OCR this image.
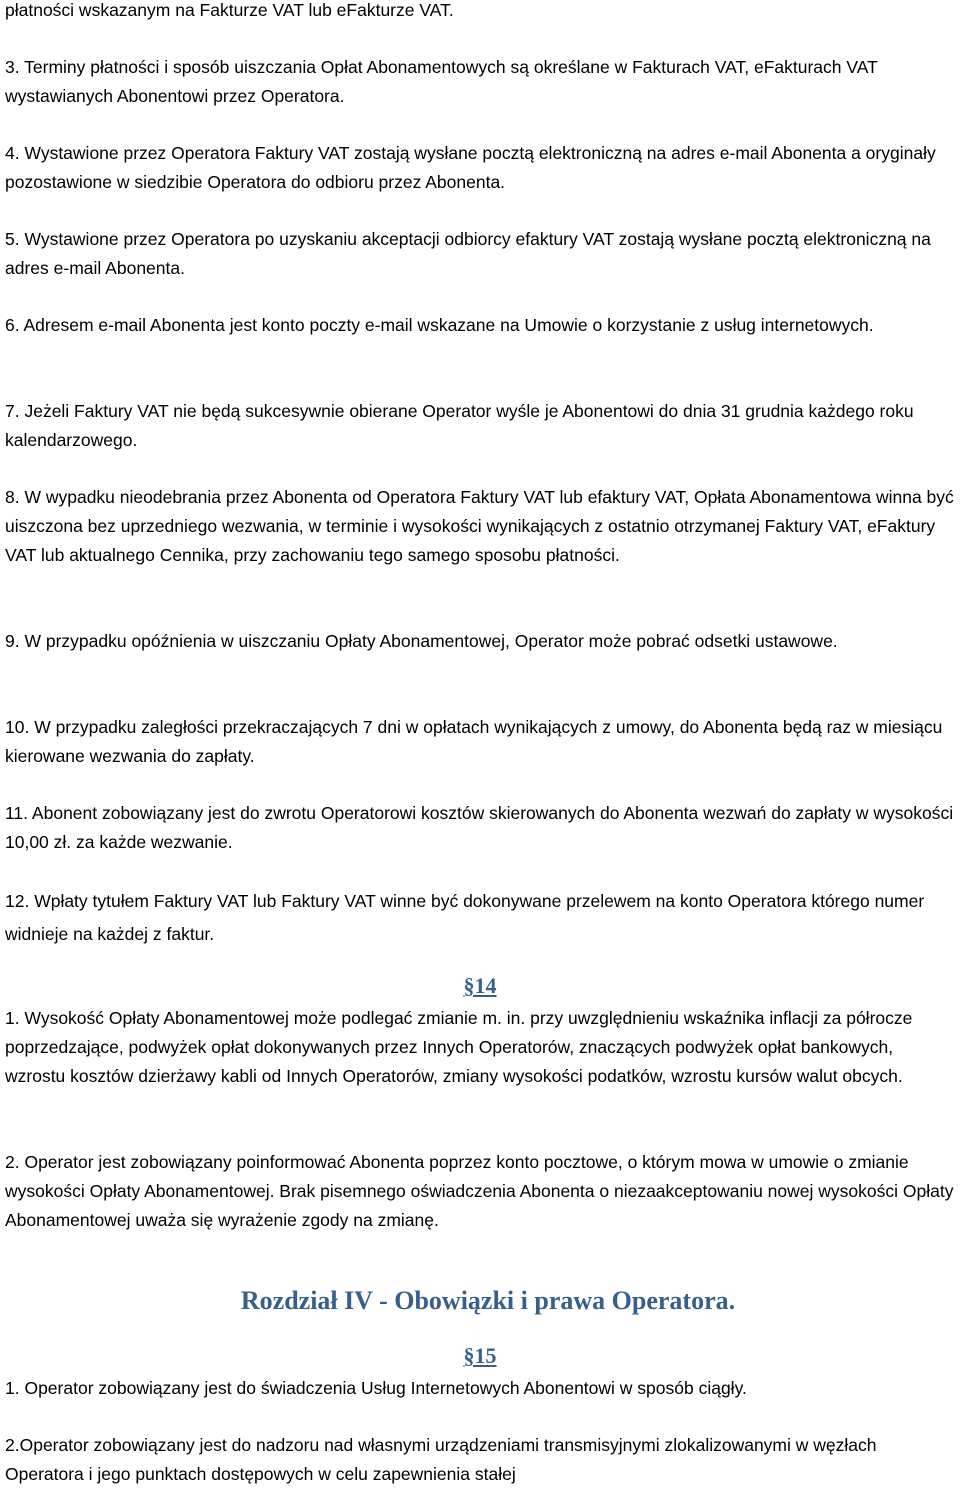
płatności wskazanym na Fakturze VAT lub eFakturze VAT.

3. Terminy płatności i sposób uiszczania Opłat Abonamentowych są określane w Fakturach VAT, eFakturach VAT wystawianych Abonentowi przez Operatora.

4. Wystawione przez Operatora Faktury VAT zostają wysłane pocztą elektroniczną na adres e-mail Abonenta a oryginały pozostawione w siedzibie Operatora do odbioru przez Abonenta.

5. Wystawione przez Operatora po uzyskaniu akceptacji odbiorcy efaktury VAT zostają wysłane pocztą elektroniczną na adres e-mail Abonenta.

6. Adresem e-mail Abonenta jest konto poczty e-mail wskazane na Umowie o korzystanie z usług internetowych.

7. Jeżeli Faktury VAT nie będą sukcesywnie obierane Operator wyśle je Abonentowi do dnia 31 grudnia każdego roku kalendarzowego.

8. W wypadku nieodebrania przez Abonenta od Operatora Faktury VAT lub efaktury VAT, Opłata Abonamentowa winna być uiszczona bez uprzedniego wezwania, w terminie i wysokości wynikających z ostatnio otrzymanej Faktury VAT, eFaktury VAT lub aktualnego Cennika, przy zachowaniu tego samego sposobu płatności.

9. W przypadku opóźnienia w uiszczaniu Opłaty Abonamentowej, Operator może pobrać odsetki ustawowe.

10. W przypadku zaległości przekraczających 7 dni w opłatach wynikających z umowy, do Abonenta będą raz w miesiącu kierowane wezwania do zapłaty.

11. Abonent zobowiązany jest do zwrotu Operatorowi kosztów skierowanych do Abonenta wezwań do zapłaty w wysokości 10,00 zł. za każde wezwanie.

12. Wpłaty tytułem Faktury VAT lub Faktury VAT winne być dokonywane przelewem na konto Operatora którego numer widnieje na każdej z faktur.

§14

1. Wysokość Opłaty Abonamentowej może podlegać zmianie m. in. przy uwzględnieniu wskaźnika inflacji za półrocze poprzedzające, podwyżek opłat dokonywanych przez Innych Operatorów, znaczących podwyżek opłat bankowych, wzrostu kosztów dzierżawy kabli od Innych Operatorów, zmiany wysokości podatków, wzrostu kursów walut obcych.

2. Operator jest zobowiązany poinformować Abonenta poprzez konto pocztowe, o którym mowa w umowie o zmianie wysokości Opłaty Abonamentowej. Brak pisemnego oświadczenia Abonenta o niezaakceptowaniu nowej wysokości Opłaty Abonamentowej uważa się wyrażenie zgody na zmianę.

Rozdział IV - Obowiązki i prawa Operatora.
§15

1. Operator zobowiązany jest do świadczenia Usług Internetowych Abonentowi w sposób ciągły.

2.Operator zobowiązany jest do nadzoru nad własnymi urządzeniami transmisyjnymi zlokalizowanymi w węzłach Operatora i jego punktach dostępowych w celu zapewnienia stałej
